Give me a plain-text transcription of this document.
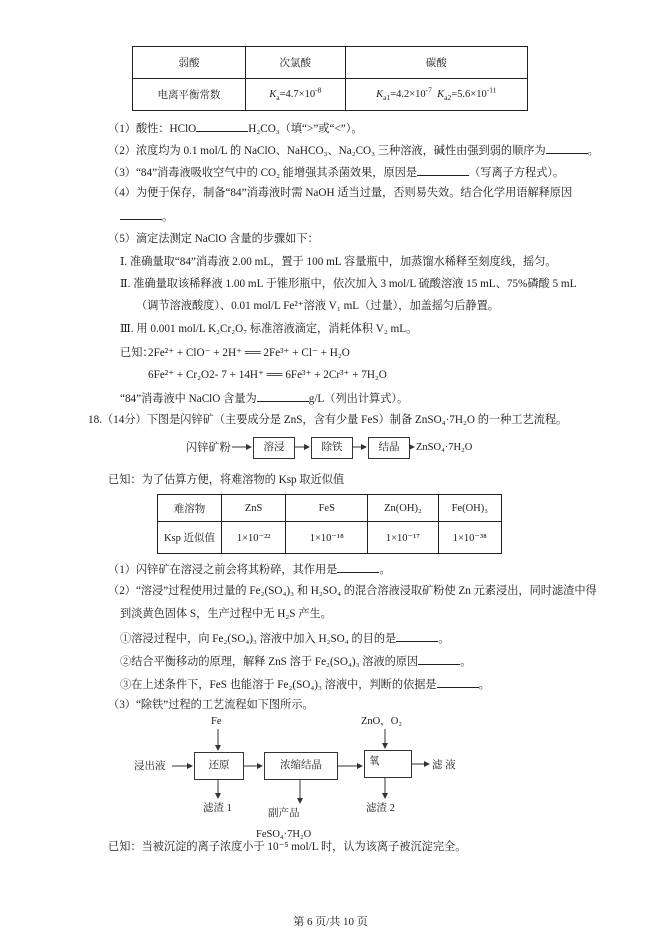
弱酸	次氯酸	碳酸
电离平衡常数	$K_a=4.7\times 10^{-8}$	$K_{a1}=4.2\times 10^{-7}$ $K_{a2}=5.6\times 10^{-11}$
（1）酸性：HClO	H₂CO₃（填“>”或“<”）。
（2）浓度均为 0.1 mol/L 的 NaClO、NaHCO₃、Na₂CO₃ 三种溶液，碱性由强到弱的顺序为	。
（3）“84”消毒液吸收空气中的 CO₂ 能增强其杀菌效果，原因是	（写离子方程式）。
（4）为便于保存，制备“84”消毒液时需 NaOH 适当过量，否则易失效。结合化学用语解释原因
。
（5）滴定法测定 NaClO 含量的步骤如下：
Ⅰ. 准确量取“84”消毒液 2.00 mL，置于 100 mL 容量瓶中，加蒸馏水稀释至刻度线，摇匀。
Ⅱ. 准确量取该稀释液 1.00 mL 于锥形瓶中，依次加入 3 mol/L 硫酸溶液 15 mL、75%磷酸 5 mL
（调节溶液酸度）、0.01 mol/L Fe²⁺溶液 V₁ mL（过量），加盖摇匀后静置。
Ⅲ. 用 0.001 mol/L K₂Cr₂O₇ 标准溶液滴定，消耗体积 V₂ mL。
已知：
2Fe²⁺ + ClO⁻ + 2H⁺ ══ 2Fe³⁺ + Cl⁻ + H₂O
6Fe²⁺ + Cr₂O2- 7 + 14H⁺ ══ 6Fe³⁺ + 2Cr³⁺ + 7H₂O
“84”消毒液中 NaClO 含量为	g/L（列出计算式）。
18.（14分）下图是闪锌矿（主要成分是 ZnS，含有少量 FeS）制备 ZnSO₄·7H₂O 的一种工艺流程。
闪锌矿粉	溶浸	除铁	结晶	ZnSO₄·7H₂O
已知：为了估算方便，将难溶物的 Ksp 取近似值
难溶物	ZnS	FeS	Zn(OH)₂	Fe(OH)₃
Ksp 近似值	1×10⁻²²	1×10⁻¹⁸	1×10⁻¹⁷	1×10⁻³⁸
（1）闪锌矿在溶浸之前会将其粉碎，其作用是	。
（2）“溶浸”过程使用过量的 Fe₂(SO₄)₃ 和 H₂SO₄ 的混合溶液浸取矿粉使 Zn 元素浸出，同时滤渣中得
到淡黄色固体 S，生产过程中无 H₂S 产生。
①溶浸过程中，向 Fe₂(SO₄)₃ 溶液中加入 H₂SO₄ 的目的是	。
②结合平衡移动的原理，解释 ZnS 溶于 Fe₂(SO₄)₃ 溶液的原因	。
③在上述条件下，FeS 也能溶于 Fe₂(SO₄)₃ 溶液中，判断的依据是	。
（3）“除铁”过程的工艺流程如下图所示。
Fe	ZnO，O₂
浸出液	还原	浓缩结晶	氧	滤 液
滤渣 1	副产品	滤渣 2
FeSO₄·7H₂O
已知：当被沉淀的离子浓度小于 10⁻⁵ mol/L 时，认为该离子被沉淀完全。
第 6 页/共 10 页
